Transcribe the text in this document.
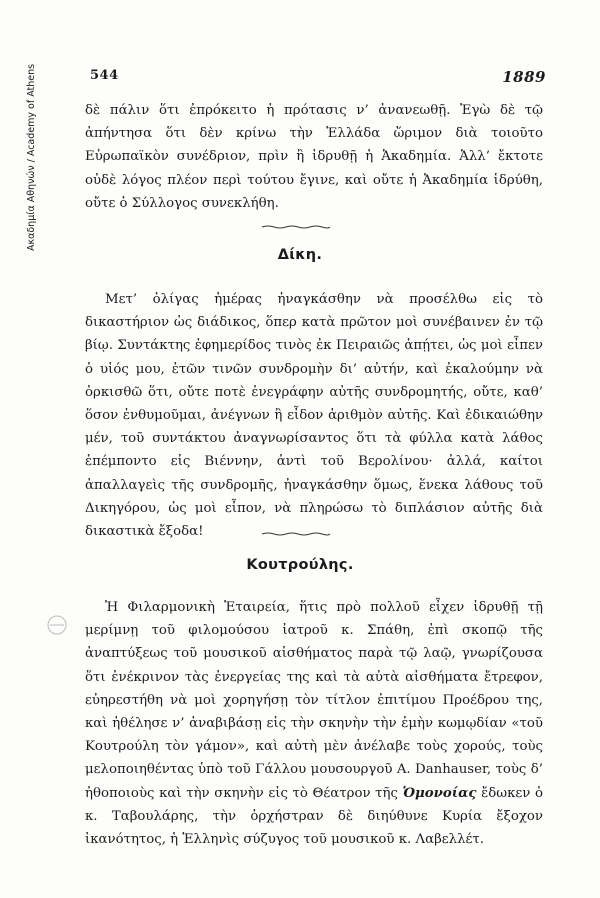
Ακαδημία Αθηνών / Academy of Athens	544	1889

δὲ πάλιν ὅτι ἐπρόκειτο ἡ πρότασις ν’ ἀνανεωθῇ. Ἐγὼ δὲ τῷ ἀπήντησα ὅτι δὲν κρίνω τὴν Ἑλλάδα ὥριμον διὰ τοιοῦτο Εὐρωπαϊκὸν συνέδριον, πρὶν ἢ ἱδρυθῇ ἡ Ἀκαδημία. Ἀλλ’ ἔκτοτε οὐδὲ λόγος πλέον περὶ τούτου ἔγινε, καὶ οὔτε ἡ Ἀκαδημία ἱδρύθη, οὔτε ὁ Σύλλογος συνεκλήθη.

Δίκη.

Μετ’ ὀλίγας ἡμέρας ἠναγκάσθην νὰ προσέλθω εἰς τὸ δικαστήριον ὡς διάδικος, ὅπερ κατὰ πρῶτον μοὶ συνέβαινεν ἐν τῷ βίῳ. Συντάκτης ἐφημερίδος τινὸς ἐκ Πειραιῶς ἀπῄτει, ὡς μοὶ εἶπεν ὁ υἱός μου, ἐτῶν τινῶν συνδρομὴν δι’ αὐτήν, καὶ ἐκαλούμην νὰ ὁρκισθῶ ὅτι, οὔτε ποτὲ ἐνεγράφην αὐτῆς συνδρομητής, οὔτε, καθ’ ὅσον ἐνθυμοῦμαι, ἀνέγνων ἢ εἶδον ἀριθμὸν αὐτῆς. Καὶ ἐδικαιώθην μέν, τοῦ συντάκτου ἀναγνωρίσαντος ὅτι τὰ φύλλα κατὰ λάθος ἐπέμποντο εἰς Βιέννην, ἀντὶ τοῦ Βερολίνου· ἀλλά, καίτοι ἀπαλλαγεὶς τῆς συνδρομῆς, ἠναγκάσθην ὅμως, ἕνεκα λάθους τοῦ Δικηγόρου, ὡς μοὶ εἶπον, νὰ πληρώσω τὸ διπλάσιον αὐτῆς διὰ δικαστικὰ ἔξοδα!

Κουτρούλης.

Ἡ Φιλαρμονικὴ Ἑταιρεία, ἥτις πρὸ πολλοῦ εἶχεν ἱδρυθῇ τῇ μερίμνῃ τοῦ φιλομούσου ἰατροῦ κ. Σπάθη, ἐπὶ σκοπῷ τῆς ἀναπτύξεως τοῦ μουσικοῦ αἰσθήματος παρὰ τῷ λαῷ, γνωρίζουσα ὅτι ἐνέκρινον τὰς ἐνεργείας της καὶ τὰ αὐτὰ αἰσθήματα ἔτρεφον, εὐηρεστήθη νὰ μοὶ χορηγήσῃ τὸν τίτλον ἐπιτίμου Προέδρου της, καὶ ἠθέλησε ν’ ἀναβιβάσῃ εἰς τὴν σκηνὴν τὴν ἐμὴν κωμῳδίαν «τοῦ Κουτρούλη τὸν γάμον», καὶ αὐτὴ μὲν ἀνέλαβε τοὺς χορούς, τοὺς μελοποιηθέντας ὑπὸ τοῦ Γάλλου μουσουργοῦ Α. Danhauser, τοὺς δ’ ἠθοποιοὺς καὶ τὴν σκηνὴν εἰς τὸ Θέατρον τῆς Ὁμονοίας ἔδωκεν ὁ κ. Ταβουλάρης, τὴν ὀρχήστραν δὲ διηύθυνε Κυρία ἔξοχον ἱκανότητος, ἡ Ἑλληνὶς σύζυγος τοῦ μουσικοῦ κ. Λαβελλέτ.
